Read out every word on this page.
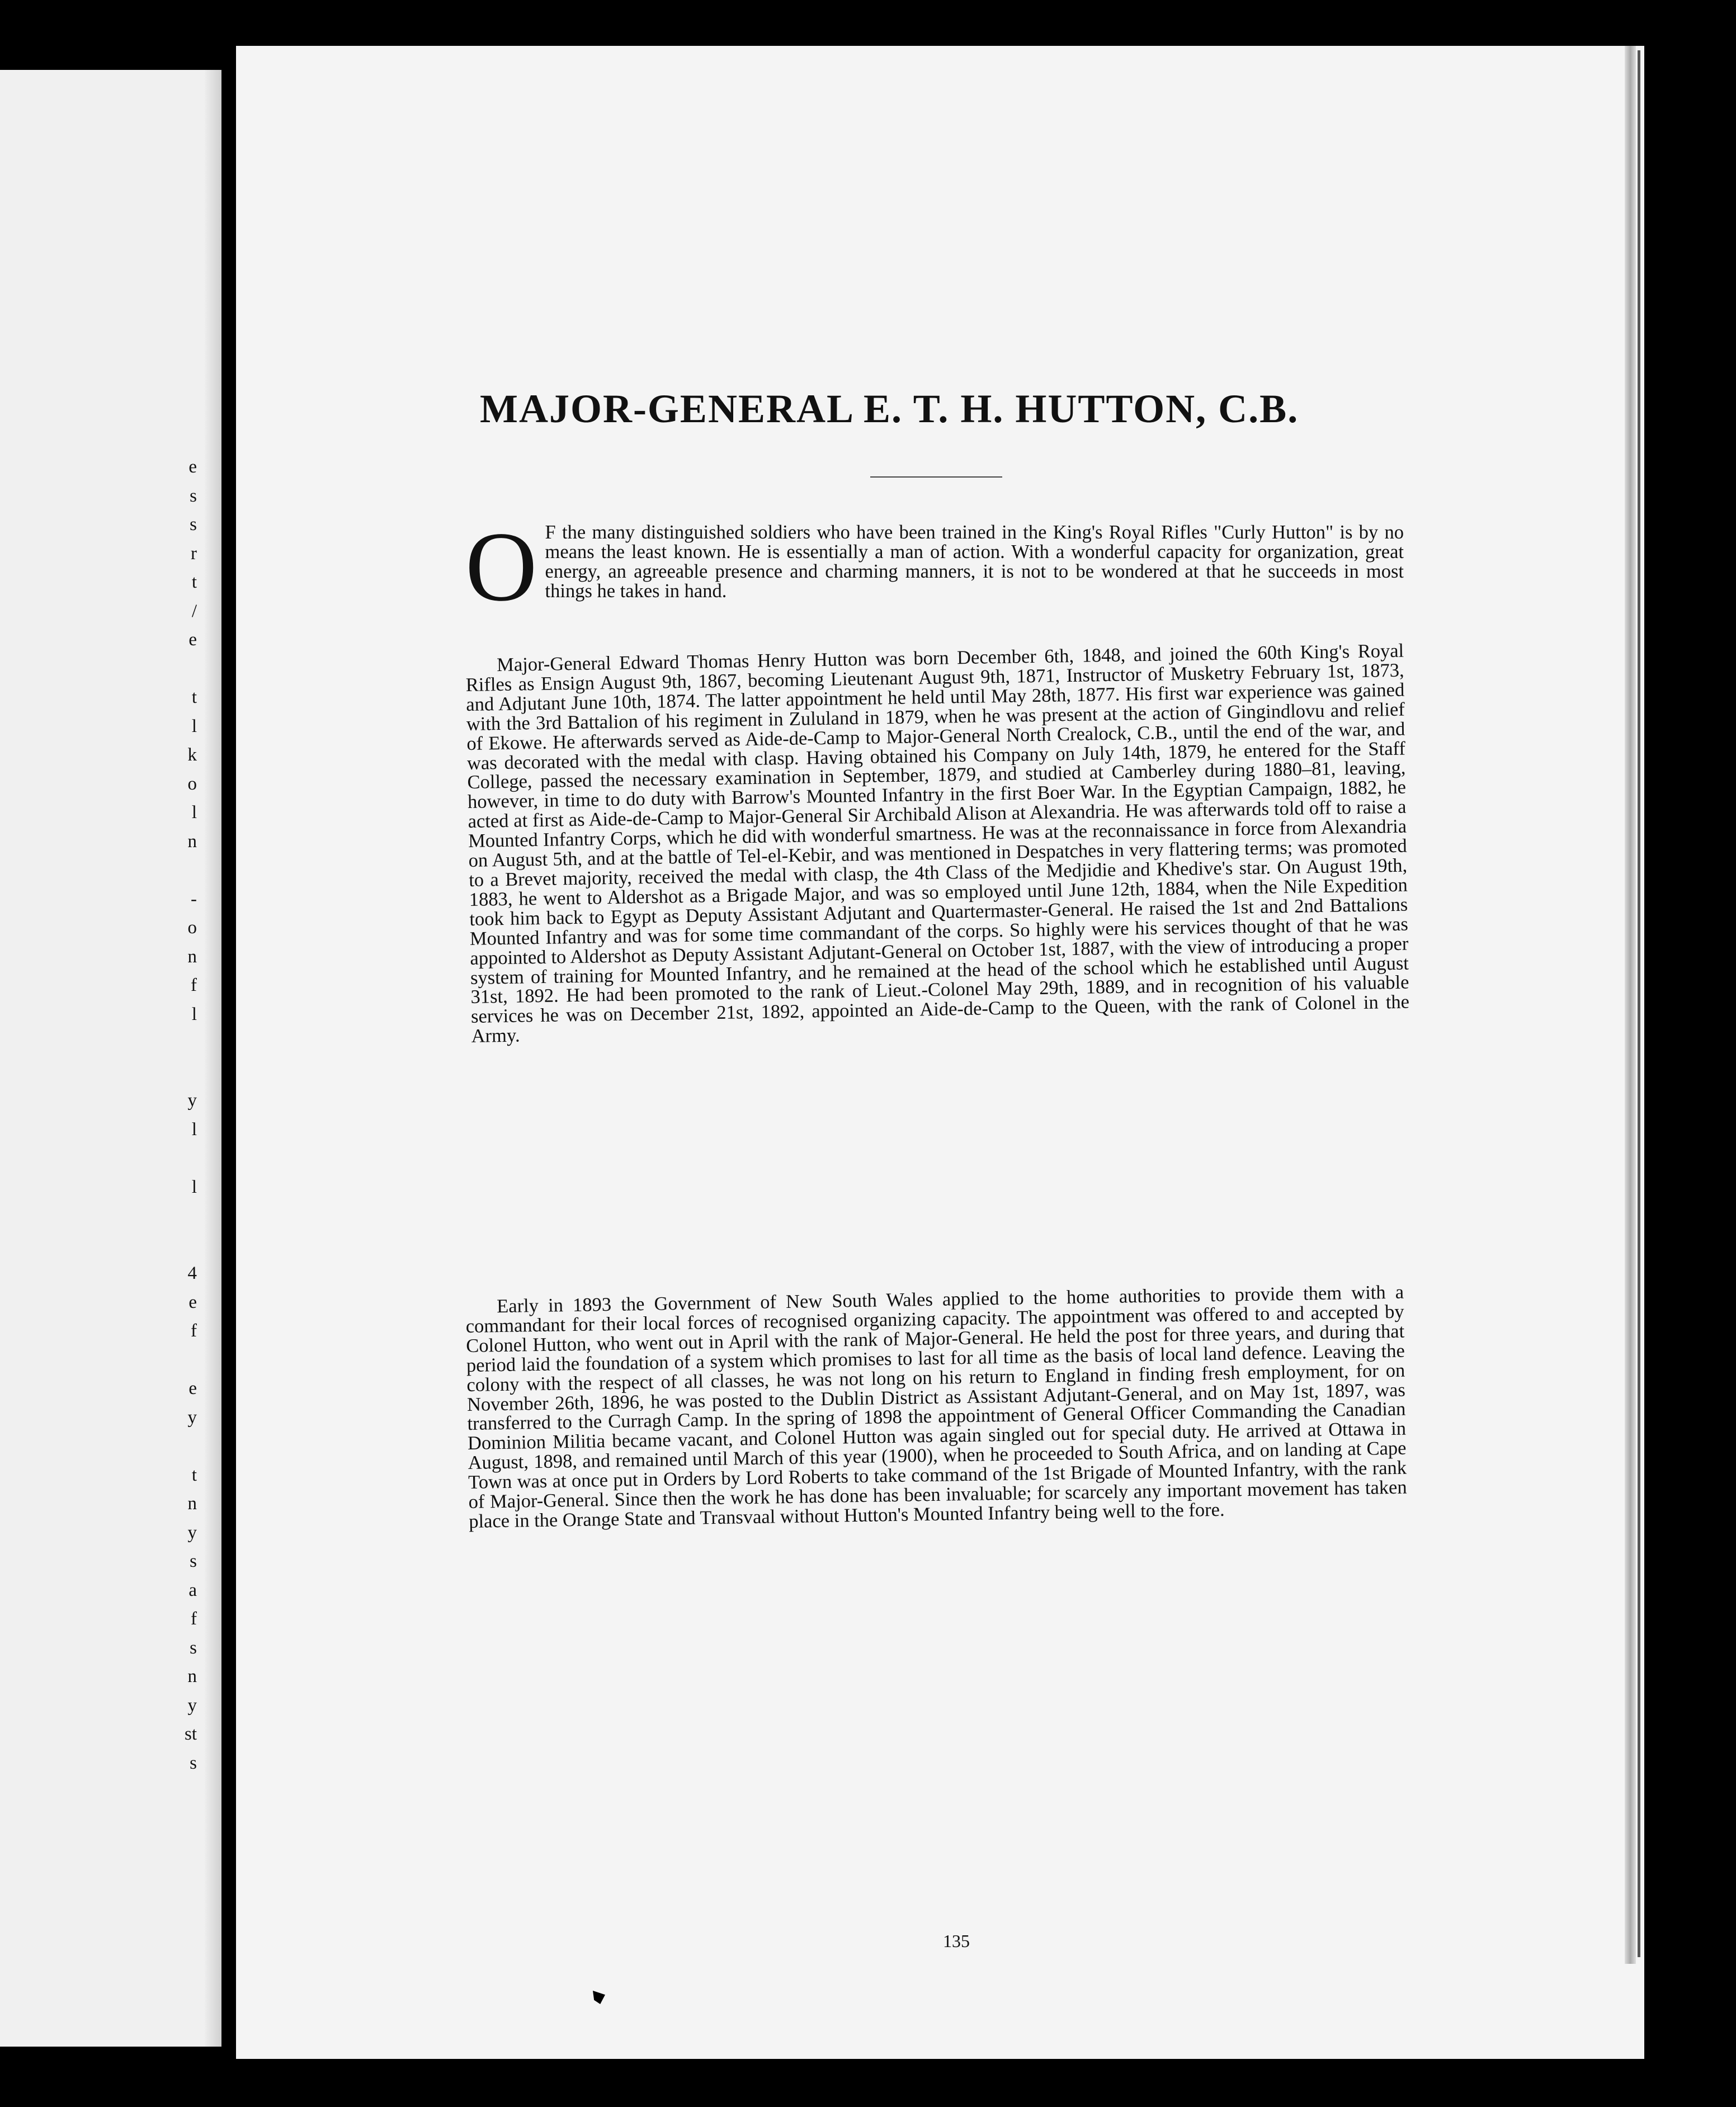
e
s
s
r
t
/
e
t
l
k
o
l
n
-
o
n
f
l
y
l
l
4
e
f
e
y
t
n
y
s
a
f
s
n
y
st
s
MAJOR-GENERAL E. T. H. HUTTON, C.B.

O F the many distinguished soldiers who have been trained in the King's Royal Rifles "Curly Hutton" is by no means the least known. He is essentially a man of action. With a wonderful capacity for organization, great energy, an agreeable presence and charming manners, it is not to be wondered at that he succeeds in most things he takes in hand.

Major-General Edward Thomas Henry Hutton was born December 6th, 1848, and joined the 60th King's Royal Rifles as Ensign August 9th, 1867, becoming Lieutenant August 9th, 1871, Instructor of Musketry February 1st, 1873, and Adjutant June 10th, 1874. The latter appointment he held until May 28th, 1877. His first war experience was gained with the 3rd Battalion of his regiment in Zululand in 1879, when he was present at the action of Gingindlovu and relief of Ekowe. He afterwards served as Aide-de-Camp to Major-General North Crealock, C.B., until the end of the war, and was decorated with the medal with clasp. Having obtained his Company on July 14th, 1879, he entered for the Staff College, passed the necessary examination in September, 1879, and studied at Camberley during 1880–81, leaving, however, in time to do duty with Barrow's Mounted Infantry in the first Boer War. In the Egyptian Campaign, 1882, he acted at first as Aide-de-Camp to Major-General Sir Archibald Alison at Alexandria. He was afterwards told off to raise a Mounted Infantry Corps, which he did with wonderful smartness. He was at the reconnaissance in force from Alexandria on August 5th, and at the battle of Tel-el-Kebir, and was mentioned in Despatches in very flattering terms; was promoted to a Brevet majority, received the medal with clasp, the 4th Class of the Medjidie and Khedive's star. On August 19th, 1883, he went to Aldershot as a Brigade Major, and was so employed until June 12th, 1884, when the Nile Expedition took him back to Egypt as Deputy Assistant Adjutant and Quartermaster-General. He raised the 1st and 2nd Battalions Mounted Infantry and was for some time commandant of the corps. So highly were his services thought of that he was appointed to Aldershot as Deputy Assistant Adjutant-General on October 1st, 1887, with the view of introducing a proper system of training for Mounted Infantry, and he remained at the head of the school which he established until August 31st, 1892. He had been promoted to the rank of Lieut.-Colonel May 29th, 1889, and in recognition of his valuable services he was on December 21st, 1892, appointed an Aide-de-Camp to the Queen, with the rank of Colonel in the Army.

Early in 1893 the Government of New South Wales applied to the home authorities to provide them with a commandant for their local forces of recognised organizing capacity. The appointment was offered to and accepted by Colonel Hutton, who went out in April with the rank of Major-General. He held the post for three years, and during that period laid the foundation of a system which promises to last for all time as the basis of local land defence. Leaving the colony with the respect of all classes, he was not long on his return to England in finding fresh employment, for on November 26th, 1896, he was posted to the Dublin District as Assistant Adjutant-General, and on May 1st, 1897, was transferred to the Curragh Camp. In the spring of 1898 the appointment of General Officer Commanding the Canadian Dominion Militia became vacant, and Colonel Hutton was again singled out for special duty. He arrived at Ottawa in August, 1898, and remained until March of this year (1900), when he proceeded to South Africa, and on landing at Cape Town was at once put in Orders by Lord Roberts to take command of the 1st Brigade of Mounted Infantry, with the rank of Major-General. Since then the work he has done has been invaluable; for scarcely any important movement has taken place in the Orange State and Transvaal without Hutton's Mounted Infantry being well to the fore.

135
